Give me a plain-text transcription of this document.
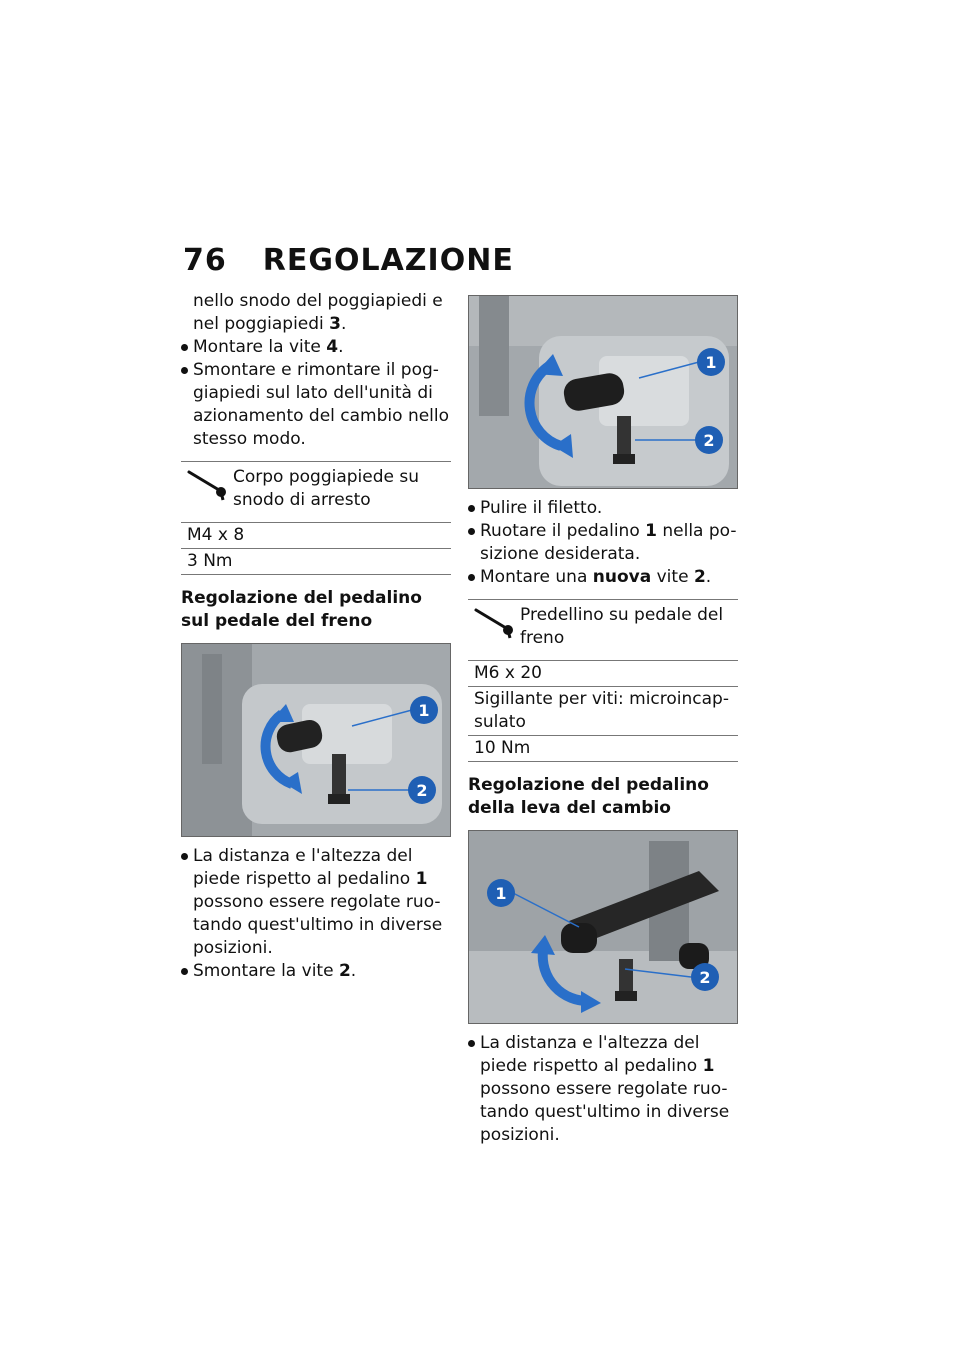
76 REGOLAZIONE

nello snodo del poggiapiedi e
nel poggiapiedi 3.

Montare la vite 4.

Smontare e rimontare il pog-giapiedi sul lato dell'unità di azionamento del cambio nello stesso modo.

Corpo poggiapiede su snodo di arresto
M4 x 8
3 Nm

Regolazione del pedalino sul pedale del freno

1
2

La distanza e l'altezza del piede rispetto al pedalino 1 possono essere regolate ruo-tando quest'ultimo in diverse posizioni.

Smontare la vite 2.

1
2

Pulire il filetto.

Ruotare il pedalino 1 nella po-sizione desiderata.

Montare una nuova vite 2.

Predellino su pedale del freno
M6 x 20
Sigillante per viti: microincap-sulato
10 Nm

Regolazione del pedalino della leva del cambio

1
2

La distanza e l'altezza del piede rispetto al pedalino 1 possono essere regolate ruo-tando quest'ultimo in diverse posizioni.
